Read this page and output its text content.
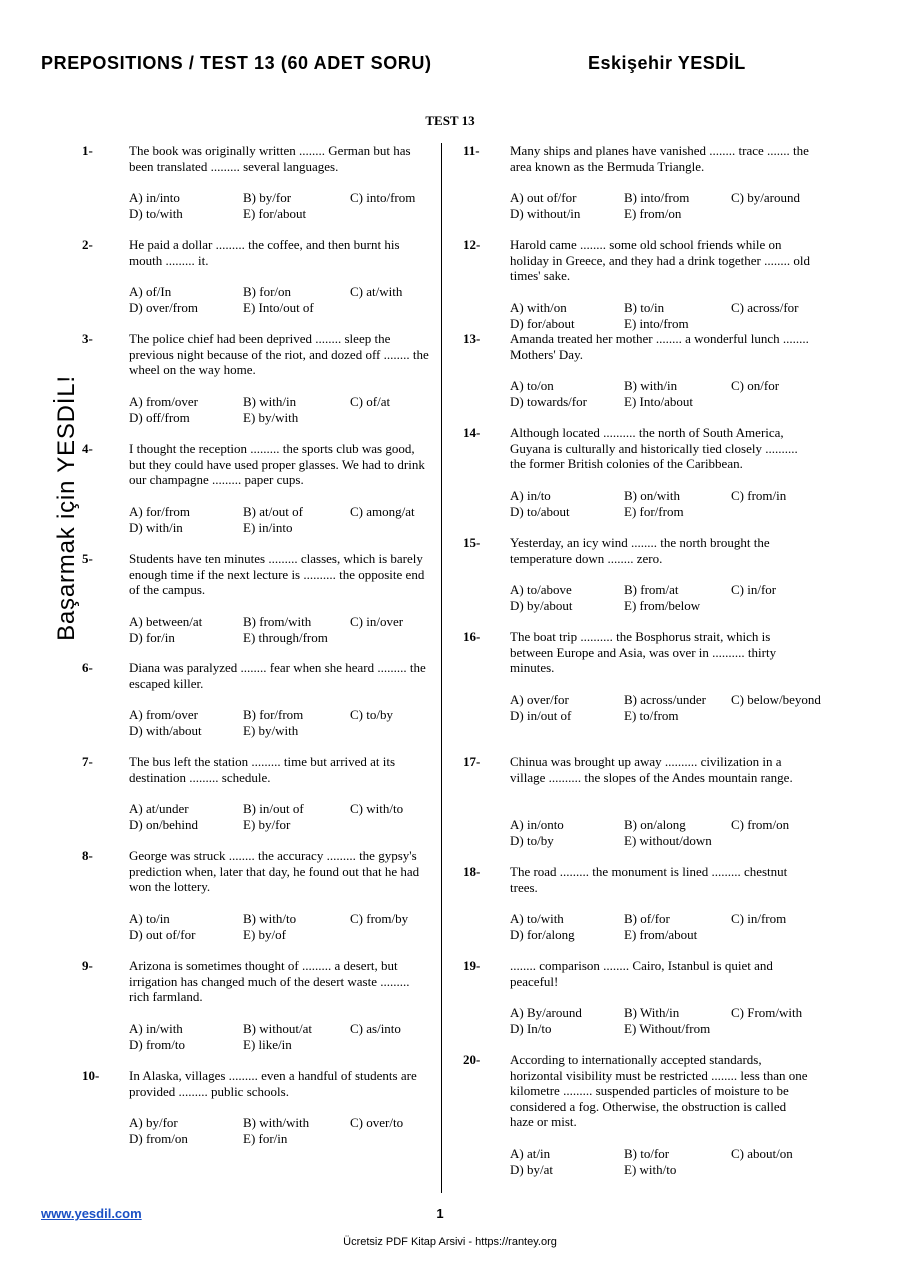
PREPOSITIONS / TEST 13 (60 ADET SORU)	Eskişehir YESDİL
TEST 13
Başarmak için YESDİL!
1-	The book was originally written ........ German but has been translated ......... several languages.
A) in/into	B) by/for	C) into/from
D) to/with	E) for/about
2-	He paid a dollar ......... the coffee, and then burnt his mouth ......... it.
A) of/In	B) for/on	C) at/with
D) over/from	E) Into/out of
3-	The police chief had been deprived ........ sleep the previous night because of the riot, and dozed off ........ the wheel on the way home.
A) from/over	B) with/in	C) of/at
D) off/from	E) by/with
4-	I thought the reception ......... the sports club was good, but they could have used proper glasses. We had to drink our champagne ......... paper cups.
A) for/from	B) at/out of	C) among/at
D) with/in	E) in/into
5-	Students have ten minutes ......... classes, which is barely enough time if the next lecture is .......... the opposite end of the campus.
A) between/at	B) from/with	C) in/over
D) for/in	E) through/from
6-	Diana was paralyzed ........ fear when she heard ......... the escaped killer.
A) from/over	B) for/from	C) to/by
D) with/about	E) by/with
7-	The bus left the station ......... time but arrived at its destination ......... schedule.
A) at/under	B) in/out of	C) with/to
D) on/behind	E) by/for
8-	George was struck ........ the accuracy ......... the gypsy's prediction when, later that day, he found out that he had won the lottery.
A) to/in	B) with/to	C) from/by
D) out of/for	E) by/of
9-	Arizona is sometimes thought of ......... a desert, but irrigation has changed much of the desert waste ......... rich farmland.
A) in/with	B) without/at	C) as/into
D) from/to	E) like/in
10- In Alaska, villages ......... even a handful of students are provided ......... public schools.
A) by/for	B) with/with	C) over/to
D) from/on	E) for/in
11- Many ships and planes have vanished ........ trace ....... the area known as the Bermuda Triangle.
A) out of/for	B) into/from	C) by/around
D) without/in	E) from/on
12- Harold came ........ some old school friends while on holiday in Greece, and they had a drink together ........ old times' sake.
A) with/on	B) to/in	C) across/for
D) for/about	E) into/from
13- Amanda treated her mother ........ a wonderful lunch ........ Mothers' Day.
A) to/on	B) with/in	C) on/for
D) towards/for	E) Into/about
14- Although located .......... the north of South America, Guyana is culturally and historically tied closely .......... the former British colonies of the Caribbean.
A) in/to	B) on/with	C) from/in
D) to/about	E) for/from
15- Yesterday, an icy wind ........ the north brought the temperature down ........ zero.
A) to/above	B) from/at	C) in/for
D) by/about	E) from/below
16- The boat trip .......... the Bosphorus strait, which is between Europe and Asia, was over in .......... thirty minutes.
A) over/for	B) across/under	C) below/beyond
D) in/out of	E) to/from
17- Chinua was brought up away .......... civilization in a village .......... the slopes of the Andes mountain range.
A) in/onto	B) on/along	C) from/on
D) to/by	E) without/down
18- The road ......... the monument is lined ......... chestnut trees.
A) to/with	B) of/for	C) in/from
D) for/along	E) from/about
19- ........ comparison ........ Cairo, Istanbul is quiet and peaceful!
A) By/around	B) With/in	C) From/with
D) In/to	E) Without/from
20- According to internationally accepted standards, horizontal visibility must be restricted ........ less than one kilometre ......... suspended particles of moisture to be considered a fog. Otherwise, the obstruction is called haze or mist.
A) at/in	B) to/for	C) about/on
D) by/at	E) with/to
www.yesdil.com	1
Ücretsiz PDF Kitap Arsivi - https://rantey.org
